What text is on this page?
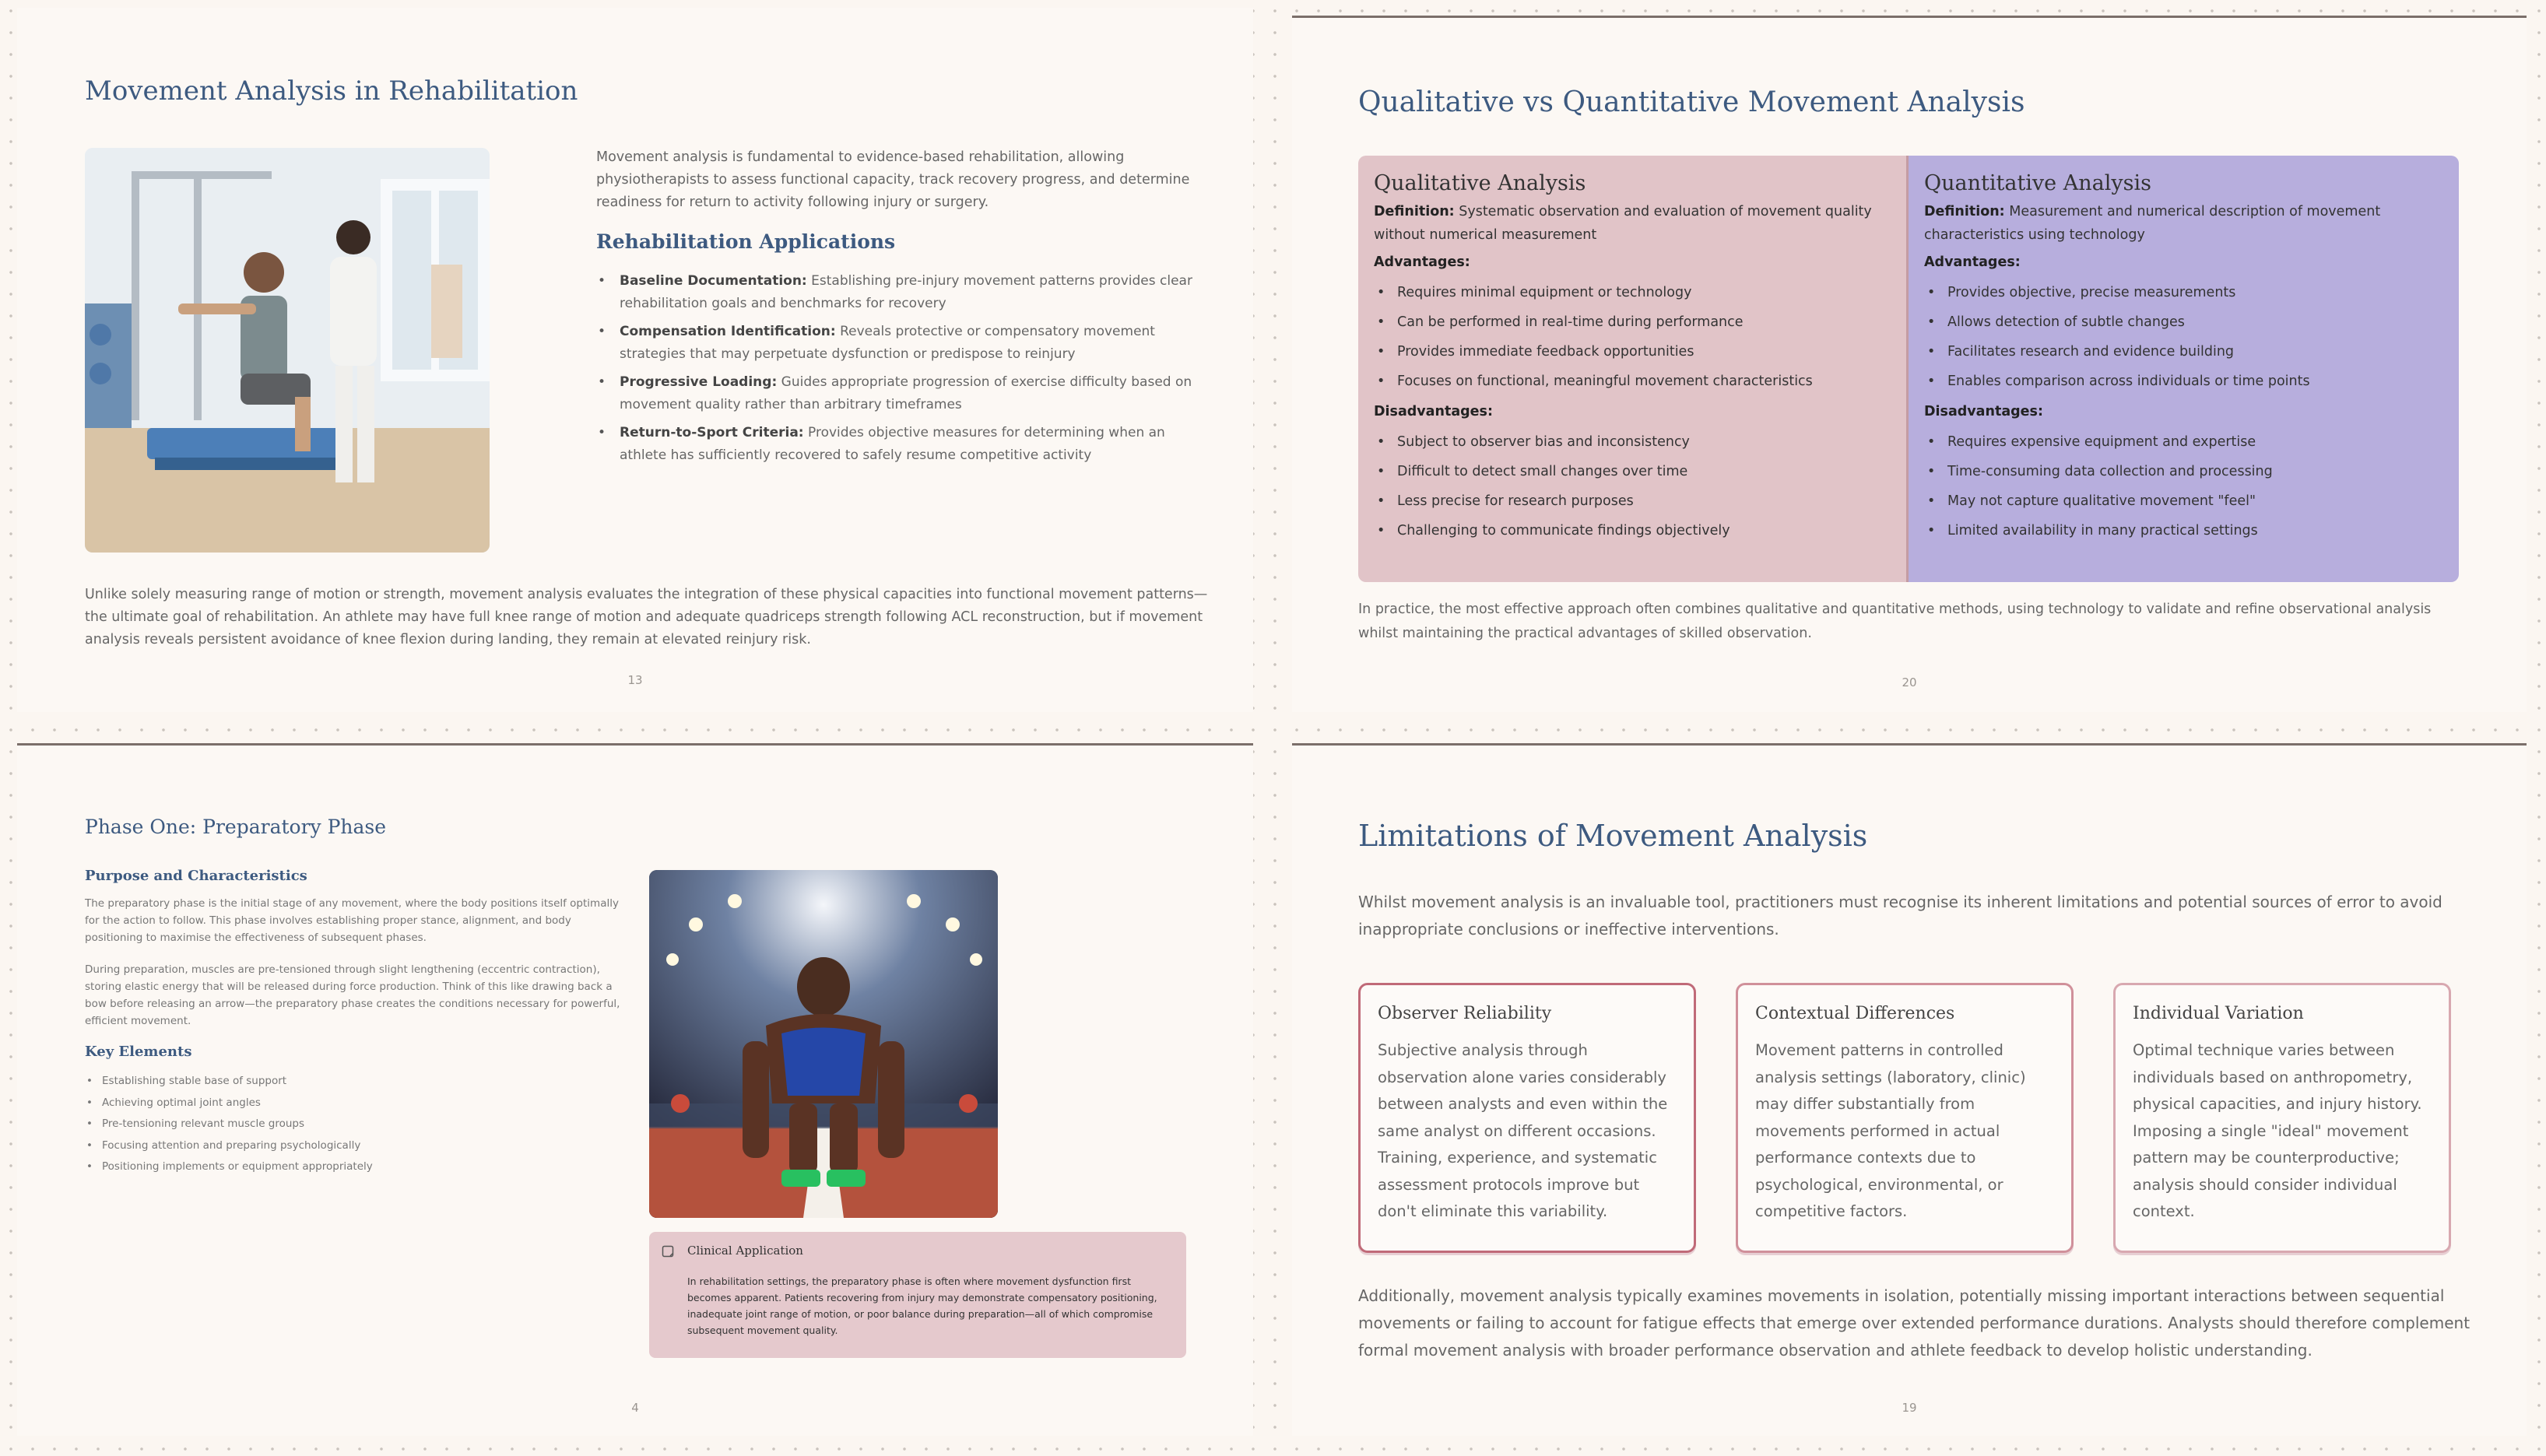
Movement Analysis in Rehabilitation

Movement analysis is fundamental to evidence-based rehabilitation, allowing physiotherapists to assess functional capacity, track recovery progress, and determine readiness for return to activity following injury or surgery.

Rehabilitation Applications
• Baseline Documentation: Establishing pre-injury movement patterns provides clear rehabilitation goals and benchmarks for recovery
• Compensation Identification: Reveals protective or compensatory movement strategies that may perpetuate dysfunction or predispose to reinjury
• Progressive Loading: Guides appropriate progression of exercise difficulty based on movement quality rather than arbitrary timeframes
• Return-to-Sport Criteria: Provides objective measures for determining when an athlete has sufficiently recovered to safely resume competitive activity

Unlike solely measuring range of motion or strength, movement analysis evaluates the integration of these physical capacities into functional movement patterns—the ultimate goal of rehabilitation. An athlete may have full knee range of motion and adequate quadriceps strength following ACL reconstruction, but if movement analysis reveals persistent avoidance of knee flexion during landing, they remain at elevated reinjury risk.

13
Qualitative vs Quantitative Movement Analysis
Qualitative Analysis

Definition: Systematic observation and evaluation of movement quality without numerical measurement

Advantages:
• Requires minimal equipment or technology
• Can be performed in real-time during performance
• Provides immediate feedback opportunities
• Focuses on functional, meaningful movement characteristics
Disadvantages:
• Subject to observer bias and inconsistency
• Difficult to detect small changes over time
• Less precise for research purposes
• Challenging to communicate findings objectively
Quantitative Analysis

Definition: Measurement and numerical description of movement characteristics using technology

Advantages:
• Provides objective, precise measurements
• Allows detection of subtle changes
• Facilitates research and evidence building
• Enables comparison across individuals or time points
Disadvantages:
• Requires expensive equipment and expertise
• Time-consuming data collection and processing
• May not capture qualitative movement "feel"
• Limited availability in many practical settings

In practice, the most effective approach often combines qualitative and quantitative methods, using technology to validate and refine observational analysis whilst maintaining the practical advantages of skilled observation.

20
Phase One: Preparatory Phase
Purpose and Characteristics

The preparatory phase is the initial stage of any movement, where the body positions itself optimally for the action to follow. This phase involves establishing proper stance, alignment, and body positioning to maximise the effectiveness of subsequent phases.

During preparation, muscles are pre-tensioned through slight lengthening (eccentric contraction), storing elastic energy that will be released during force production. Think of this like drawing back a bow before releasing an arrow—the preparatory phase creates the conditions necessary for powerful, efficient movement.

Key Elements
• Establishing stable base of support
• Achieving optimal joint angles
• Pre-tensioning relevant muscle groups
• Focusing attention and preparing psychologically
• Positioning implements or equipment appropriately
Clinical Application

In rehabilitation settings, the preparatory phase is often where movement dysfunction first becomes apparent. Patients recovering from injury may demonstrate compensatory positioning, inadequate joint range of motion, or poor balance during preparation—all of which compromise subsequent movement quality.

4
Limitations of Movement Analysis

Whilst movement analysis is an invaluable tool, practitioners must recognise its inherent limitations and potential sources of error to avoid inappropriate conclusions or ineffective interventions.

Observer Reliability

Subjective analysis through observation alone varies considerably between analysts and even within the same analyst on different occasions. Training, experience, and systematic assessment protocols improve but don't eliminate this variability.

Contextual Differences

Movement patterns in controlled analysis settings (laboratory, clinic) may differ substantially from movements performed in actual performance contexts due to psychological, environmental, or competitive factors.

Individual Variation

Optimal technique varies between individuals based on anthropometry, physical capacities, and injury history. Imposing a single "ideal" movement pattern may be counterproductive; analysis should consider individual context.

Additionally, movement analysis typically examines movements in isolation, potentially missing important interactions between sequential movements or failing to account for fatigue effects that emerge over extended performance durations. Analysts should therefore complement formal movement analysis with broader performance observation and athlete feedback to develop holistic understanding.

19
